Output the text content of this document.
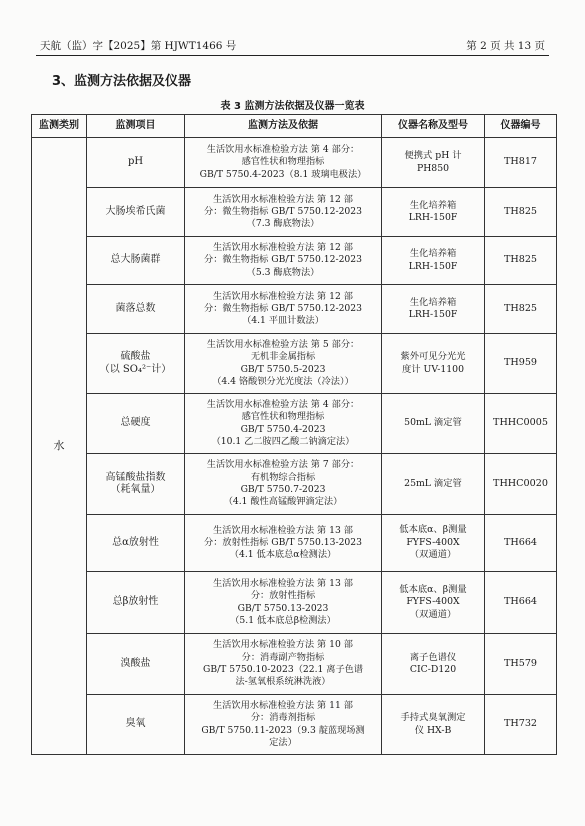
天航（监）字【2025】第 HJWT1466 号	第 2 页 共 13 页
3、监测方法依据及仪器
表 3 监测方法依据及仪器一览表
监测类别	监测项目	监测方法及依据	仪器名称及型号	仪器编号
水	pH	生活饮用水标准检验方法 第 4 部分：
感官性状和物理指标
GB/T 5750.4-2023（8.1 玻璃电极法）	便携式 pH 计
PH850	TH817
	大肠埃希氏菌	生活饮用水标准检验方法 第 12 部
分：微生物指标 GB/T 5750.12-2023
（7.3 酶底物法）	生化培养箱
LRH-150F	TH825
	总大肠菌群	生活饮用水标准检验方法 第 12 部
分：微生物指标 GB/T 5750.12-2023
（5.3 酶底物法）	生化培养箱
LRH-150F	TH825
	菌落总数	生活饮用水标准检验方法 第 12 部
分：微生物指标 GB/T 5750.12-2023
（4.1 平皿计数法）	生化培养箱
LRH-150F	TH825
	硫酸盐
（以 SO₄²⁻计）	生活饮用水标准检验方法 第 5 部分：
无机非金属指标
GB/T 5750.5-2023
（4.4 铬酸钡分光光度法（冷法））	紫外可见分光光
度计 UV-1100	TH959
	总硬度	生活饮用水标准检验方法 第 4 部分：
感官性状和物理指标
GB/T 5750.4-2023
（10.1 乙二胺四乙酸二钠滴定法）	50mL 滴定管	THHC0005
	高锰酸盐指数
（耗氧量）	生活饮用水标准检验方法 第 7 部分：
有机物综合指标
GB/T 5750.7-2023
（4.1 酸性高锰酸钾滴定法）	25mL 滴定管	THHC0020
	总α放射性	生活饮用水标准检验方法 第 13 部
分：放射性指标 GB/T 5750.13-2023
（4.1 低本底总α检测法）	低本底α、β测量
FYFS-400X
（双通道）	TH664
	总β放射性	生活饮用水标准检验方法 第 13 部
分：放射性指标
GB/T 5750.13-2023
（5.1 低本底总β检测法）	低本底α、β测量
FYFS-400X
（双通道）	TH664
	溴酸盐	生活饮用水标准检验方法 第 10 部
分：消毒副产物指标
GB/T 5750.10-2023（22.1 离子色谱
法-氢氧根系统淋洗液）	离子色谱仪
CIC-D120	TH579
	臭氧	生活饮用水标准检验方法 第 11 部
分：消毒剂指标
GB/T 5750.11-2023（9.3 靛蓝现场测
定法）	手持式臭氧测定
仪 HX-B	TH732
